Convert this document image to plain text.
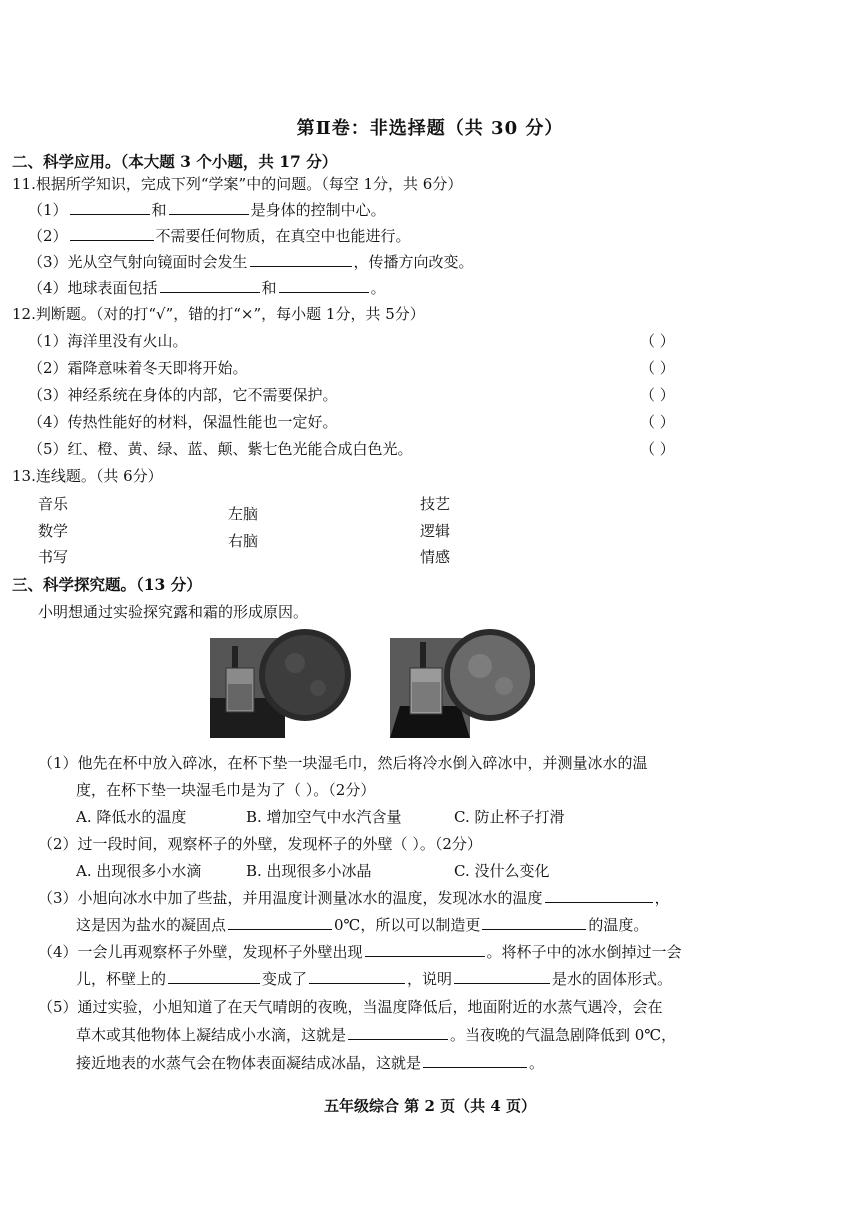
第Ⅱ卷：非选择题（共 30 分）
二、科学应用。（本大题 3 个小题，共 17 分）
11.根据所学知识，完成下列“学案”中的问题。（每空 1分，共 6分）
（1）	和	是身体的控制中心。
（2）	不需要任何物质，在真空中也能进行。
（3）光从空气射向镜面时会发生	，传播方向改变。
（4）地球表面包括	和	。
12.判断题。（对的打“√”，错的打“×”，每小题 1分，共 5分）
（1）海洋里没有火山。	（ ）
（2）霜降意味着冬天即将开始。	（ ）
（3）神经系统在身体的内部，它不需要保护。	（ ）
（4）传热性能好的材料，保温性能也一定好。	（ ）
（5）红、橙、黄、绿、蓝、颠、紫七色光能合成白色光。	（ ）
13.连线题。（共 6分）
音乐
数学
书写
左脑
右脑
技艺
逻辑
情感
三、科学探究题。（13 分）
小明想通过实验探究露和霜的形成原因。
（1）他先在杯中放入碎冰，在杯下垫一块湿毛巾，然后将冷水倒入碎冰中，并测量冰水的温
度，在杯下垫一块湿毛巾是为了（ ）。（2分）
A. 降低水的温度	B. 增加空气中水汽含量	C. 防止杯子打滑
（2）过一段时间，观察杯子的外壁，发现杯子的外壁（ ）。（2分）
A. 出现很多小水滴	B. 出现很多小冰晶	C. 没什么变化
（3）小旭向冰水中加了些盐，并用温度计测量冰水的温度，发现冰水的温度	，
这是因为盐水的凝固点	0℃，所以可以制造更	的温度。
（4）一会儿再观察杯子外壁，发现杯子外壁出现	。将杯子中的冰水倒掉过一会
儿，杯壁上的	变成了	，说明	是水的固体形式。
（5）通过实验，小旭知道了在天气晴朗的夜晚，当温度降低后，地面附近的水蒸气遇冷，会在
草木或其他物体上凝结成小水滴，这就是	。当夜晚的气温急剧降低到 0℃，
接近地表的水蒸气会在物体表面凝结成冰晶，这就是	。
五年级综合 第 2 页（共 4 页）
